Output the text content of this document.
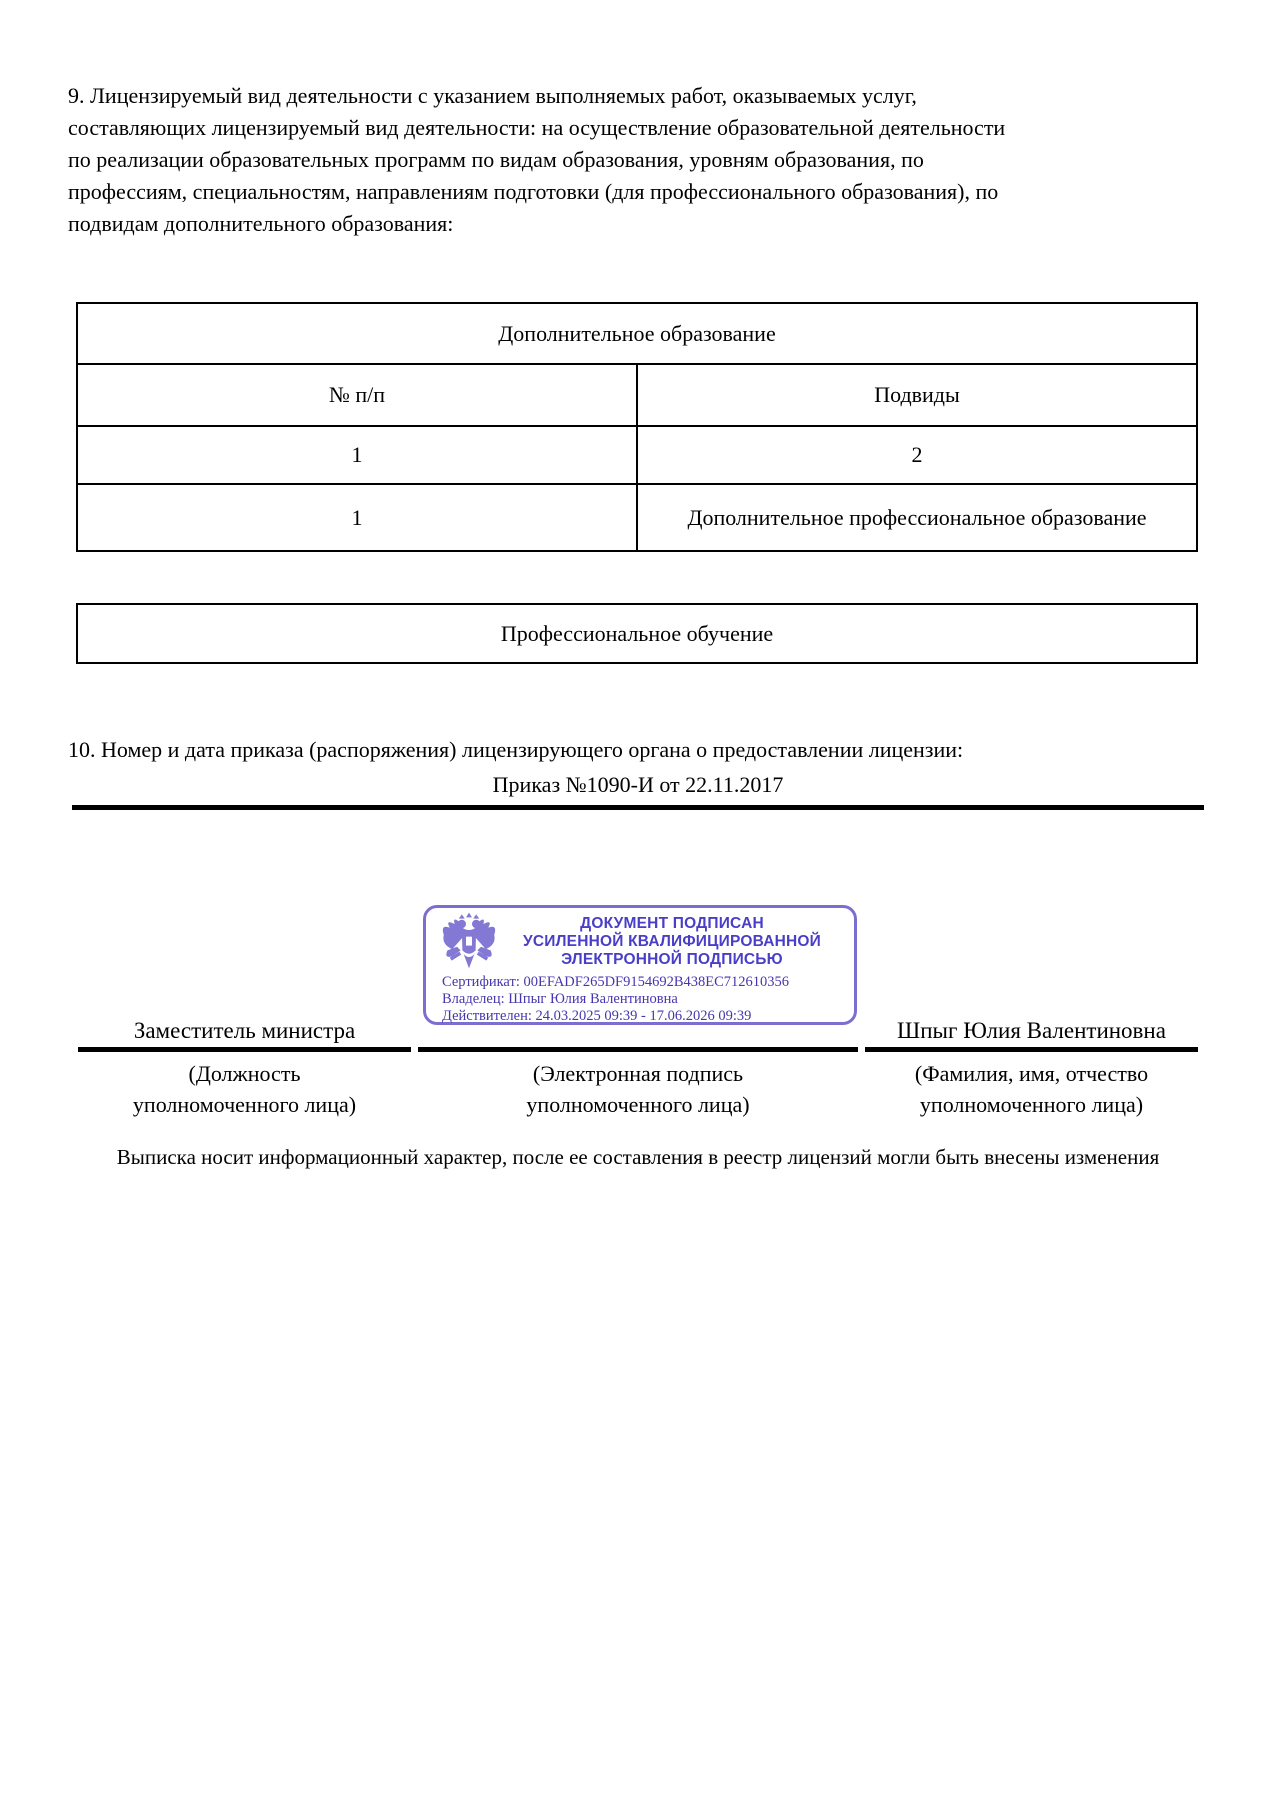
9. Лицензируемый вид деятельности с указанием выполняемых работ, оказываемых услуг,
составляющих лицензируемый вид деятельности: на осуществление образовательной деятельности
по реализации образовательных программ по видам образования, уровням образования, по
профессиям, специальностям, направлениям подготовки (для профессионального образования), по
подвидам дополнительного образования:
Дополнительное образование	
№ п/п	Подвиды
1	2
1	Дополнительное профессиональное образование
Профессиональное обучение
10. Номер и дата приказа (распоряжения) лицензирующего органа о предоставлении лицензии:
Приказ №1090-И от 22.11.2017
ДОКУМЕНТ ПОДПИСАН
УСИЛЕННОЙ КВАЛИФИЦИРОВАННОЙ
ЭЛЕКТРОННОЙ ПОДПИСЬЮ
Сертификат: 00EFADF265DF9154692B438EC712610356
Владелец: Шпыг Юлия Валентиновна
Действителен: 24.03.2025 09:39 - 17.06.2026 09:39
Заместитель министра	Шпыг Юлия Валентиновна
(Должность
уполномоченного лица)
(Электронная подпись
уполномоченного лица)
(Фамилия, имя, отчество
уполномоченного лица)
Выписка носит информационный характер, после ее составления в реестр лицензий могли быть внесены изменения
